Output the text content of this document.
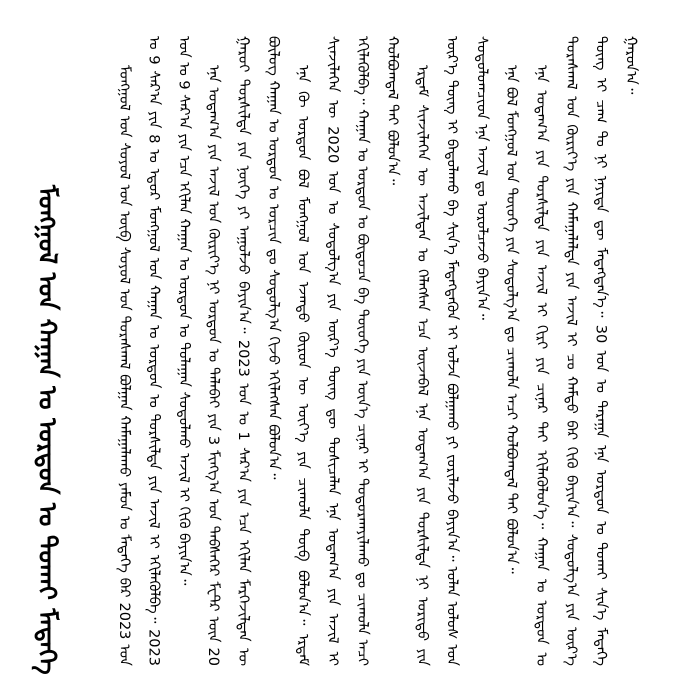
ᠮᠣᠩᠭᠣᠯ ᠤᠨ ᠬᠠᠭᠠᠨ ᠤ ᠣᠷᠳᠣᠨ ᠤ ᠲᠤᠬᠠᠢ ᠮᠡᠳᠡᠭᠡ	ᠮᠣᠩᠭᠣᠯ ᠤᠨ ᠰᠣᠶᠣᠯ ᠤᠨ ᠥᠪ ᠰᠣᠶᠣᠯ ᠤᠨ ᠳᠤᠷᠠᠰᠬᠠᠯ ᠪᠣᠯᠭᠠᠨ ᠬᠠᠮᠠᠭᠠᠯᠠᠬᠤ ᠶᠠᠮᠤᠨ ᠤ ᠮᠡᠳᠡᠭᠡ ᠪᠡᠷ 2023 ᠣᠨ ᠤ 9 ᠰᠠᠷ᠎ᠠ ᠶᠢᠨ 8 ᠤ ᠡᠳᠦᠷ ᠮᠣᠩᠭᠣᠯ ᠤᠨ ᠬᠠᠭᠠᠨ ᠤ ᠣᠷᠳᠣᠨ ᠤ ᠲᠤᠷᠱᠢᠯᠲᠠ ᠶᠢᠨ ᠠᠵᠢᠯ ᠢ ᠡᠬᠢᠯᠡᠭᠦᠯᠪᠡ᠃ 2023 ᠣᠨ ᠤ 9 ᠰᠠᠷ᠎ᠠ ᠶᠢᠨ ᠡᠴᠡ ᠡᠬᠢᠯᠡᠨ ᠬᠠᠭᠠᠨ ᠤ ᠣᠷᠳᠣᠨ ᠤ ᠲᠤᠯᠠᠭᠠᠨ ᠰᠤᠳᠤᠯᠬᠤ ᠠᠵᠢᠯ ᠢ ᠬᠢᠬᠦ ᠪᠠᠶᠢᠨ᠎ᠠ᠃ ᠡᠨᠡ ᠤᠳᠠᠭ᠎ᠠ ᠶᠢᠨ ᠠᠵᠢᠯ ᠤᠨ ᠬᠦᠷᠢᠶ᠎ᠡ ᠨᠢ ᠣᠷᠳᠣᠨ ᠤ ᠲᠠᠯᠠᠪᠠᠢ ᠶᠢᠨ 3 ᠮᠢᠩᠭ᠎ᠠ ᠤᠨ ᠳᠡᠪᠰᠡᠭᠡᠷ ᠮᠧᠲ᠋ᠷ ᠦᠨ 20 ᠭᠠᠷᠤᠢ ᠲᠤᠷᠱᠢᠯᠲᠠ ᠶᠢᠨ ᠨᠦᠬᠡ ᠶᠢ ᠠᠭᠤᠯᠵᠤ ᠪᠠᠶᠢᠨ᠎ᠠ᠃ 2023 ᠣᠨ ᠤ 1 ᠰᠠᠷ᠎ᠠ ᠶᠢᠨ ᠡᠴᠡ ᠡᠬᠢᠯᠡᠨ ᠮᠡᠷᠭᠡᠵᠢᠯᠲᠡᠨ ᠦ ᠪᠦᠯᠦᠭ ᠬᠠᠭᠠᠨ ᠤ ᠣᠷᠳᠣᠨ ᠤ ᠣᠷᠴᠢᠨ ᠳᠤ ᠰᠤᠳᠤᠯᠭ᠎ᠠ ᠬᠢᠵᠦ ᠡᠬᠢᠯᠡᠭᠰᠡᠨ ᠪᠣᠯᠤᠨ᠎ᠠ᠃ ᠡᠨᠡ ᠬᠦ ᠣᠷᠳᠣᠨ ᠪᠣᠯ ᠮᠣᠩᠭᠣᠯ ᠤᠨ ᠡᠵᠡᠨᠲᠦ ᠭᠦᠷᠦᠨ ᠦ ᠦᠶ᠎ᠡ ᠶᠢᠨ ᠴᠢᠬᠤᠯᠠ ᠲᠥᠪ ᠪᠣᠯᠤᠨ᠎ᠠ᠃ ᠡᠷᠳᠡᠮ ᠰᠢᠨᠵᠢᠯᠡᠭᠡᠨ ᠦ 2020 ᠣᠨ ᠤ ᠰᠤᠳᠤᠯᠭ᠎ᠠ ᠶᠢᠨ ᠦᠷ᠎ᠡ ᠳᠦᠩ ᠳᠦ ᠲᠤᠰᠢᠴᠠᠯᠠᠨ ᠡᠨᠡ ᠤᠳᠠᠭ᠎ᠠ ᠶᠢᠨ ᠠᠵᠢᠯ ᠢ ᠡᠬᠢᠯᠡᠭᠦᠯᠪᠡ᠃ ᠬᠠᠭᠠᠨ ᠤ ᠣᠷᠳᠣᠨ ᠤ ᠪᠦᠲᠦᠴᠡ ᠪᠠ ᠲᠦᠦᠬᠡ ᠶᠢᠨ ᠦᠨ᠎ᠡ ᠴᠢᠨᠠᠷ ᠢ ᠲᠣᠳᠣᠷᠬᠠᠶᠢᠯᠠᠬᠤ ᠳᠤ ᠴᠢᠬᠤᠯᠠ ᠠᠴᠢ ᠬᠣᠯᠪᠣᠭᠳᠠᠯ ᠲᠠᠶ ᠪᠣᠯᠤᠨ᠎ᠠ᠃ ᠡᠷᠳᠡᠮ ᠰᠢᠨᠵᠢᠯᠡᠭᠡᠨ ᠦ ᠠᠵᠢᠯᠲᠠᠨ ᠤ ᠬᠡᠯᠡᠭᠰᠡᠨ ᠡᠴᠡ ᠦᠵᠡᠪᠡᠯ ᠡᠨᠡ ᠤᠳᠠᠭ᠎ᠠ ᠶᠢᠨ ᠲᠤᠷᠱᠢᠯᠲᠠ ᠨᠢ ᠤᠷᠢᠳᠤ ᠶᠢᠨ ᠦᠷ᠎ᠡ ᠳᠦᠩ ᠢ ᠪᠠᠲᠤᠯᠠᠬᠤ ᠪᠠ ᠰᠢᠨ᠎ᠡ ᠮᠡᠳᠡᠭᠳᠡᠬᠦᠨ ᠢ ᠣᠯᠵᠠ ᠪᠣᠯᠭᠠᠬᠤ ᠶᠢ ᠵᠣᠷᠢᠯᠠᠵᠤ ᠪᠠᠶᠢᠨ᠎ᠠ᠃ ᠣᠯᠠᠨ ᠤᠯᠤᠰ ᠤᠨ ᠰᠤᠳᠤᠯᠤᠭᠴᠢᠳ ᠡᠨᠡ ᠠᠵᠢᠯ ᠳᠤ ᠣᠷᠣᠯᠴᠠᠵᠤ ᠪᠠᠶᠢᠨ᠎ᠠ᠃ ᠡᠨᠡ ᠪᠣᠯ ᠮᠣᠩᠭᠣᠯ ᠤᠨ ᠲᠦᠦᠬᠡ ᠶᠢᠨ ᠰᠤᠳᠤᠯᠭ᠎ᠠ ᠳᠤ ᠴᠢᠬᠤᠯᠠ ᠠᠴᠢ ᠬᠣᠯᠪᠣᠭᠳᠠᠯ ᠲᠠᠶ ᠪᠣᠯᠤᠨ᠎ᠠ᠃ ᠡᠨᠡ ᠤᠳᠠᠭ᠎ᠠ ᠶᠢᠨ ᠲᠤᠷᠱᠢᠯᠲᠠ ᠶᠢᠨ ᠠᠵᠢᠯ ᠢ ᠬᠢᠷᠢ ᠶᠢᠨ ᠴᠢᠨᠠᠷ ᠲᠠᠶ ᠡᠬᠢᠯᠡᠭᠦᠯᠦᠨ᠎ᠡ᠃ ᠬᠠᠭᠠᠨ ᠤ ᠣᠷᠳᠣᠨ ᠤ ᠳᠤᠷᠠᠰᠬᠠᠯ ᠤᠨ ᠬᠦᠷᠢᠶ᠎ᠡ ᠶᠢᠨ ᠬᠠᠮᠠᠭᠠᠯᠠᠯᠲᠠ ᠶᠢᠨ ᠠᠵᠢᠯ ᠢ ᠴᠤ ᠬᠠᠮᠲᠤ ᠪᠡᠷ ᠬᠢᠬᠦ ᠪᠠᠶᠢᠨ᠎ᠠ᠃ ᠰᠤᠳᠤᠯᠭ᠎ᠠ ᠶᠢᠨ ᠦᠷ᠎ᠡ ᠳᠦᠩ ᠢ ᠴᠠᠭ ᠲᠤ ᠨᠢ ᠨᠡᠶᠢᠲᠡ ᠳᠦ ᠮᠡᠳᠡᠭᠳᠡᠨ᠎ᠡ᠃ 30 ᠣᠨ ᠤ ᠳᠠᠷᠠᠭᠠ ᠡᠨᠡ ᠣᠷᠳᠣᠨ ᠤ ᠲᠤᠬᠠᠢ ᠰᠢᠨ᠎ᠡ ᠮᠡᠳᠡᠭᠡ ᠭᠠᠷᠤᠨ᠎ᠠ᠃
